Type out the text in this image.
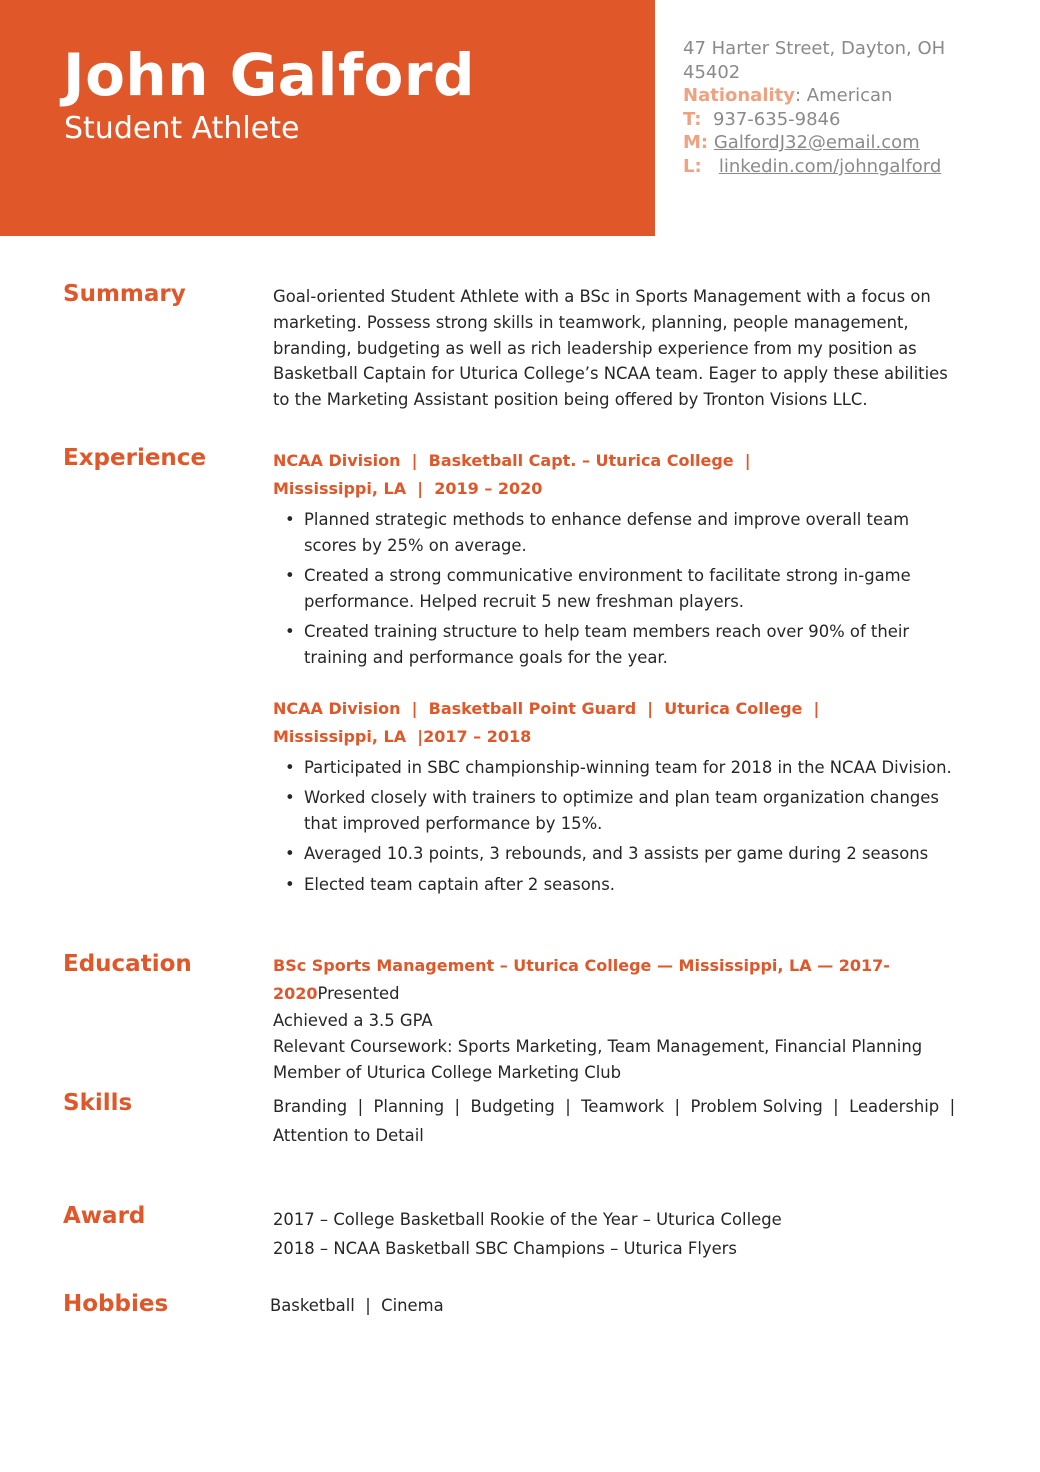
John Galford
Student Athlete
47 Harter Street, Dayton, OH
45402
Nationality: American
T: 937-635-9846
M: GalfordJ32@email.com
L: linkedin.com/johngalford
Summary	Goal-oriented Student Athlete with a BSc in Sports Management with a focus on
marketing. Possess strong skills in teamwork, planning, people management,
branding, budgeting as well as rich leadership experience from my position as
Basketball Captain for Uturica College’s NCAA team. Eager to apply these abilities
to the Marketing Assistant position being offered by Tronton Visions LLC.
Experience	NCAA Division  |  Basketball Capt. – Uturica College  |
Mississippi, LA  |  2019 – 2020
• Planned strategic methods to enhance defense and improve overall team
scores by 25% on average.
• Created a strong communicative environment to facilitate strong in-game
performance. Helped recruit 5 new freshman players.
• Created training structure to help team members reach over 90% of their
training and performance goals for the year.
NCAA Division  |  Basketball Point Guard  |  Uturica College  |
Mississippi, LA  |2017 – 2018
• Participated in SBC championship-winning team for 2018 in the NCAA Division.
• Worked closely with trainers to optimize and plan team organization changes
that improved performance by 15%.
• Averaged 10.3 points, 3 rebounds, and 3 assists per game during 2 seasons
• Elected team captain after 2 seasons.
Education	BSc Sports Management – Uturica College — Mississippi, LA — 2017-2020Presented
Achieved a 3.5 GPA
Relevant Coursework: Sports Marketing, Team Management, Financial Planning
Member of Uturica College Marketing Club
Skills	Branding  |  Planning  |  Budgeting  |  Teamwork  |  Problem Solving  |  Leadership  |
Attention to Detail
Award	2017 – College Basketball Rookie of the Year – Uturica College
2018 – NCAA Basketball SBC Champions – Uturica Flyers
Hobbies	Basketball  |  Cinema
